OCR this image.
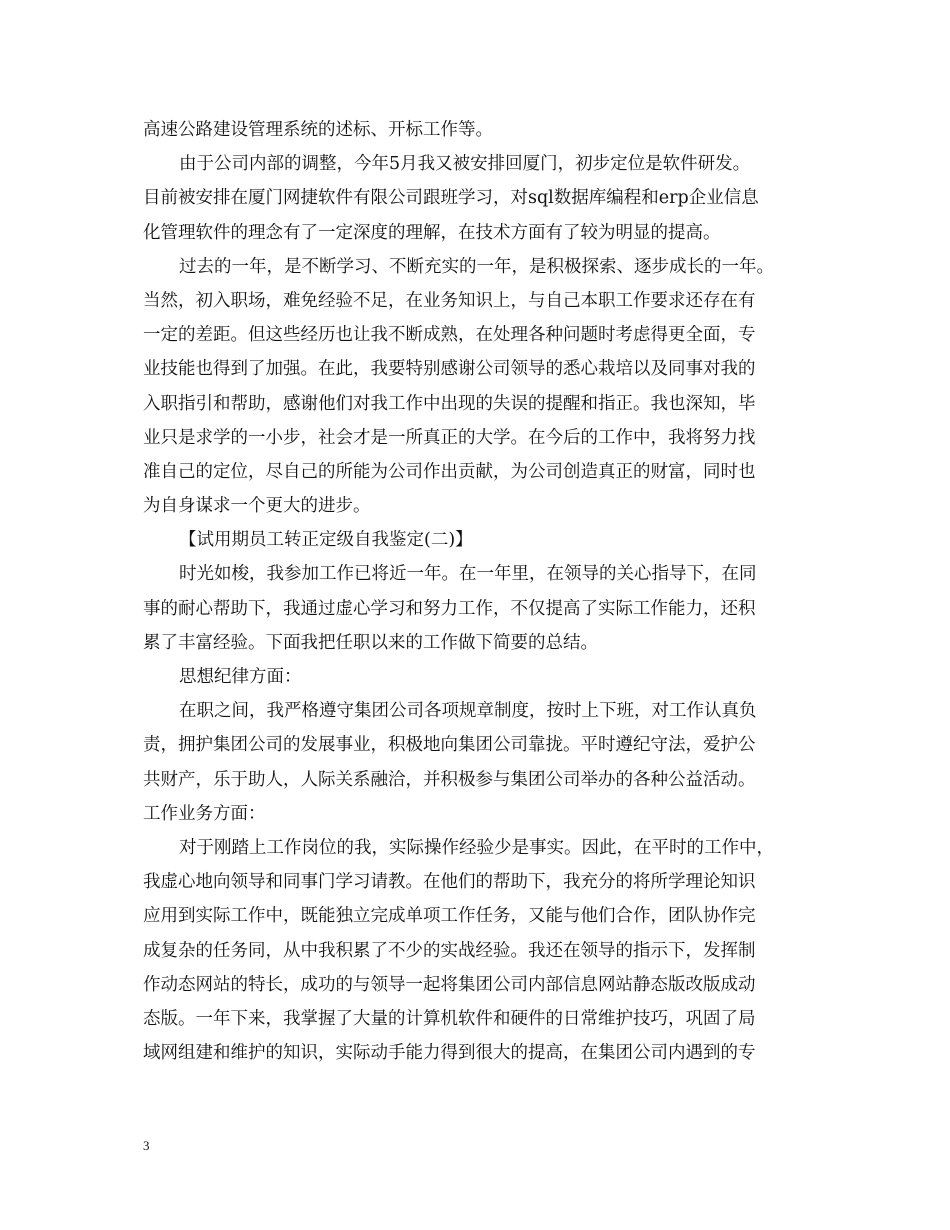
高速公路建设管理系统的述标、开标工作等。
由于公司内部的调整，今年5月我又被安排回厦门，初步定位是软件研发。
目前被安排在厦门网捷软件有限公司跟班学习，对sql数据库编程和erp企业信息
化管理软件的理念有了一定深度的理解，在技术方面有了较为明显的提高。
过去的一年，是不断学习、不断充实的一年，是积极探索、逐步成长的一年。
当然，初入职场，难免经验不足，在业务知识上，与自己本职工作要求还存在有
一定的差距。但这些经历也让我不断成熟，在处理各种问题时考虑得更全面，专
业技能也得到了加强。在此，我要特别感谢公司领导的悉心栽培以及同事对我的
入职指引和帮助，感谢他们对我工作中出现的失误的提醒和指正。我也深知，毕
业只是求学的一小步，社会才是一所真正的大学。在今后的工作中，我将努力找
准自己的定位，尽自己的所能为公司作出贡献，为公司创造真正的财富，同时也
为自身谋求一个更大的进步。
【试用期员工转正定级自我鉴定(二)】
时光如梭，我参加工作已将近一年。在一年里，在领导的关心指导下，在同
事的耐心帮助下，我通过虚心学习和努力工作，不仅提高了实际工作能力，还积
累了丰富经验。下面我把任职以来的工作做下简要的总结。
思想纪律方面：
在职之间，我严格遵守集团公司各项规章制度，按时上下班，对工作认真负
责，拥护集团公司的发展事业，积极地向集团公司靠拢。平时遵纪守法，爱护公
共财产，乐于助人，人际关系融洽，并积极参与集团公司举办的各种公益活动。
工作业务方面：
对于刚踏上工作岗位的我，实际操作经验少是事实。因此，在平时的工作中，
我虚心地向领导和同事门学习请教。在他们的帮助下，我充分的将所学理论知识
应用到实际工作中，既能独立完成单项工作任务，又能与他们合作，团队协作完
成复杂的任务同，从中我积累了不少的实战经验。我还在领导的指示下，发挥制
作动态网站的特长，成功的与领导一起将集团公司内部信息网站静态版改版成动
态版。一年下来，我掌握了大量的计算机软件和硬件的日常维护技巧，巩固了局
域网组建和维护的知识，实际动手能力得到很大的提高，在集团公司内遇到的专
3
